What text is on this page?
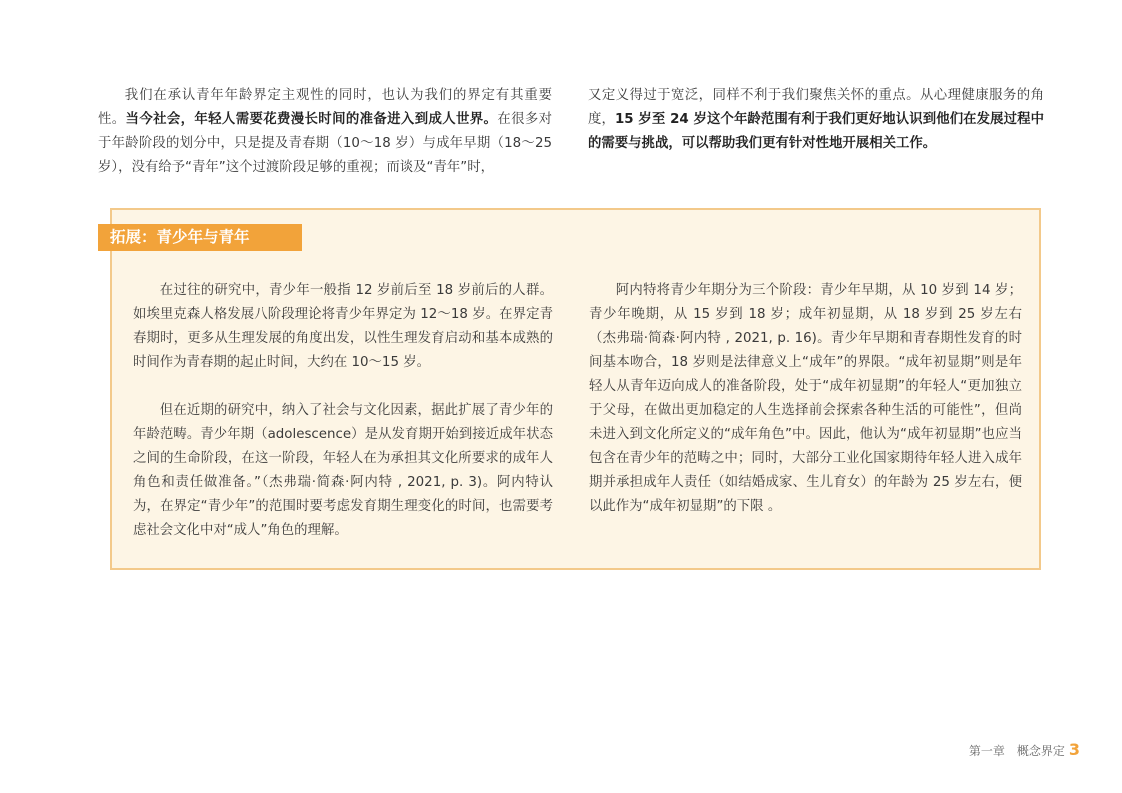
我们在承认青年年龄界定主观性的同时，也认为我们的界定有其重要性。当今社会，年轻人需要花费漫长时间的准备进入到成人世界。在很多对于年龄阶段的划分中，只是提及青春期（10～18 岁）与成年早期（18～25 岁），没有给予“青年”这个过渡阶段足够的重视；而谈及“青年”时，

又定义得过于宽泛，同样不利于我们聚焦关怀的重点。从心理健康服务的角度，15 岁至 24 岁这个年龄范围有利于我们更好地认识到他们在发展过程中的需要与挑战，可以帮助我们更有针对性地开展相关工作。

拓展：青少年与青年

在过往的研究中，青少年一般指 12 岁前后至 18 岁前后的人群。如埃里克森人格发展八阶段理论将青少年界定为 12～18 岁。在界定青春期时，更多从生理发展的角度出发，以性生理发育启动和基本成熟的时间作为青春期的起止时间，大约在 10～15 岁。

但在近期的研究中，纳入了社会与文化因素，据此扩展了青少年的年龄范畴。青少年期（adolescence）是从发育期开始到接近成年状态之间的生命阶段，在这一阶段，年轻人在为承担其文化所要求的成年人角色和责任做准备。”（杰弗瑞·简森·阿内特 , 2021, p. 3)。阿内特认为，在界定“青少年”的范围时要考虑发育期生理变化的时间，也需要考虑社会文化中对“成人”角色的理解。

阿内特将青少年期分为三个阶段：青少年早期，从 10 岁到 14 岁；青少年晚期，从 15 岁到 18 岁；成年初显期，从 18 岁到 25 岁左右（杰弗瑞·简森·阿内特 , 2021, p. 16)。青少年早期和青春期性发育的时间基本吻合，18 岁则是法律意义上“成年”的界限。“成年初显期”则是年轻人从青年迈向成人的准备阶段，处于“成年初显期”的年轻人“更加独立于父母，在做出更加稳定的人生选择前会探索各种生活的可能性”，但尚未进入到文化所定义的“成年角色”中。因此，他认为“成年初显期”也应当包含在青少年的范畴之中；同时，大部分工业化国家期待年轻人进入成年期并承担成年人责任（如结婚成家、生儿育女）的年龄为 25 岁左右，便以此作为“成年初显期”的下限 。

第一章 概念界定 3
